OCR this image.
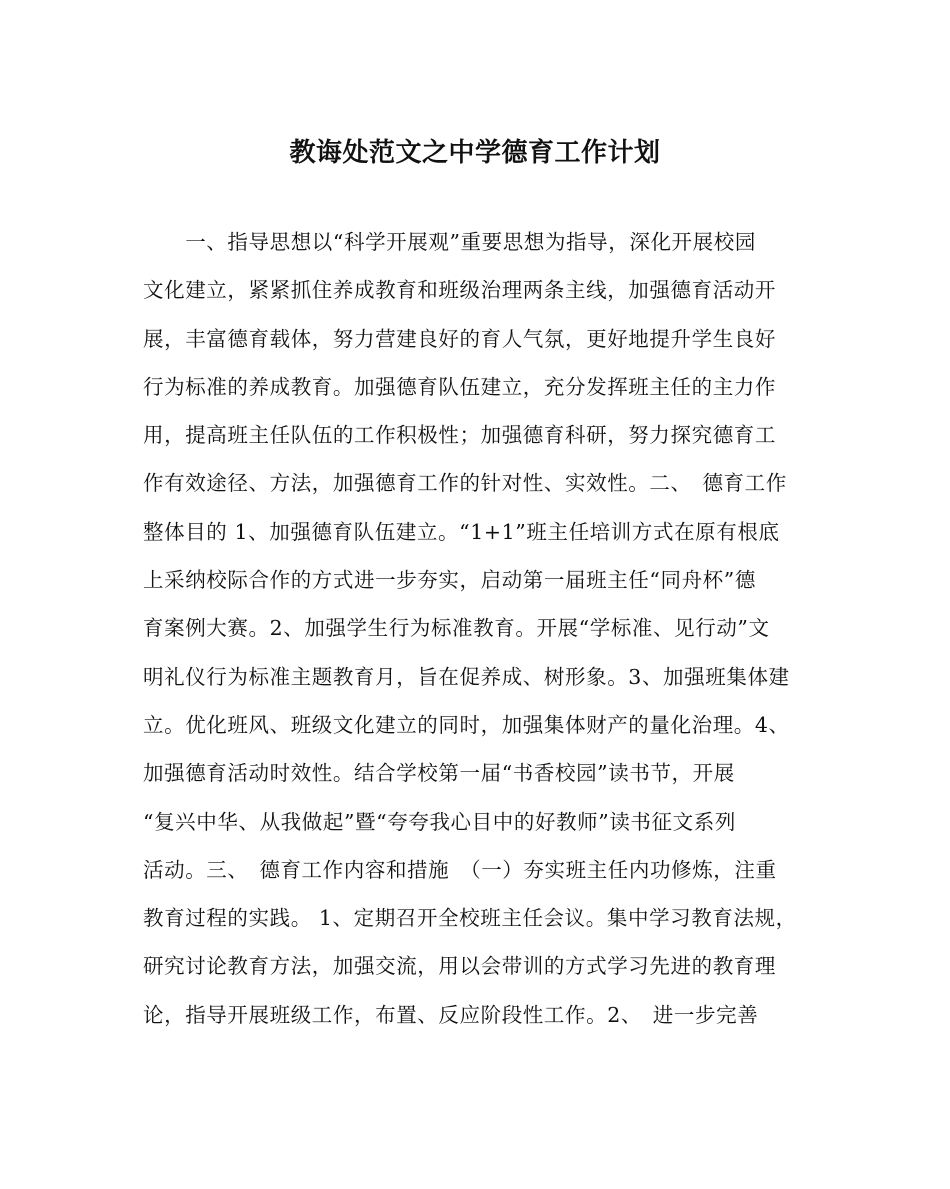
教诲处范文之中学德育工作计划
　　一、指导思想以“科学开展观”重要思想为指导，深化开展校园
文化建立，紧紧抓住养成教育和班级治理两条主线，加强德育活动开
展，丰富德育载体，努力营建良好的育人气氛，更好地提升学生良好
行为标准的养成教育。加强德育队伍建立，充分发挥班主任的主力作
用，提高班主任队伍的工作积极性；加强德育科研，努力探究德育工
作有效途径、方法，加强德育工作的针对性、实效性。二、　德育工作
整体目的 1、加强德育队伍建立。“1+1”班主任培训方式在原有根底
上采纳校际合作的方式进一步夯实，启动第一届班主任“同舟杯”德
育案例大赛。2、加强学生行为标准教育。开展“学标准、见行动”文
明礼仪行为标准主题教育月，旨在促养成、树形象。3、加强班集体建
立。优化班风、班级文化建立的同时，加强集体财产的量化治理。4、
加强德育活动时效性。结合学校第一届“书香校园”读书节，开展
“复兴中华、从我做起”暨“夸夸我心目中的好教师”读书征文系列
活动。三、　德育工作内容和措施　（一）夯实班主任内功修炼，注重
教育过程的实践。 1、定期召开全校班主任会议。集中学习教育法规，
研究讨论教育方法，加强交流，用以会带训的方式学习先进的教育理
论，指导开展班级工作，布置、反应阶段性工作。2、　进一步完善
